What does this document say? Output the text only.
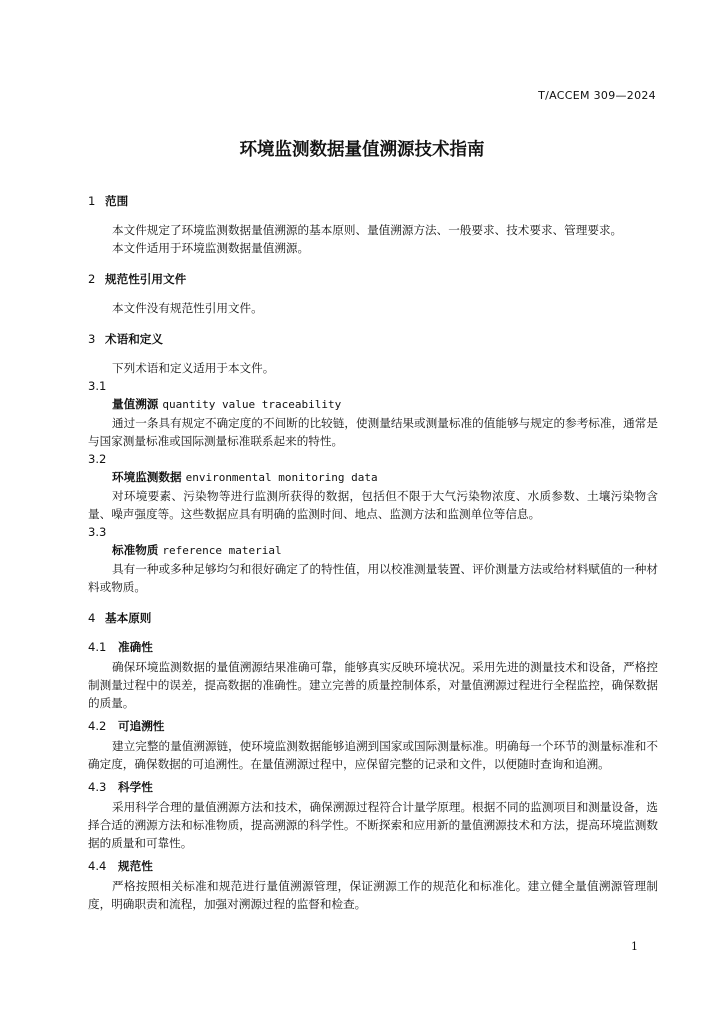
T/ACCEM 309—2024
环境监测数据量值溯源技术指南
1 范围

本文件规定了环境监测数据量值溯源的基本原则、量值溯源方法、一般要求、技术要求、管理要求。

本文件适用于环境监测数据量值溯源。

2 规范性引用文件

本文件没有规范性引用文件。

3 术语和定义

下列术语和定义适用于本文件。

3.1

量值溯源 quantity value traceability

通过一条具有规定不确定度的不间断的比较链，使测量结果或测量标准的值能够与规定的参考标准，通常是与国家测量标准或国际测量标准联系起来的特性。

3.2

环境监测数据 environmental monitoring data

对环境要素、污染物等进行监测所获得的数据，包括但不限于大气污染物浓度、水质参数、土壤污染物含量、噪声强度等。这些数据应具有明确的监测时间、地点、监测方法和监测单位等信息。

3.3

标准物质 reference material

具有一种或多种足够均匀和很好确定了的特性值，用以校准测量装置、评价测量方法或给材料赋值的一种材料或物质。

4 基本原则
4.1 准确性

确保环境监测数据的量值溯源结果准确可靠，能够真实反映环境状况。采用先进的测量技术和设备，严格控制测量过程中的误差，提高数据的准确性。建立完善的质量控制体系，对量值溯源过程进行全程监控，确保数据的质量。

4.2 可追溯性

建立完整的量值溯源链，使环境监测数据能够追溯到国家或国际测量标准。明确每一个环节的测量标准和不确定度，确保数据的可追溯性。在量值溯源过程中，应保留完整的记录和文件，以便随时查询和追溯。

4.3 科学性

采用科学合理的量值溯源方法和技术，确保溯源过程符合计量学原理。根据不同的监测项目和测量设备，选择合适的溯源方法和标准物质，提高溯源的科学性。不断探索和应用新的量值溯源技术和方法，提高环境监测数据的质量和可靠性。

4.4 规范性

严格按照相关标准和规范进行量值溯源管理，保证溯源工作的规范化和标准化。建立健全量值溯源管理制度，明确职责和流程，加强对溯源过程的监督和检查。

1
